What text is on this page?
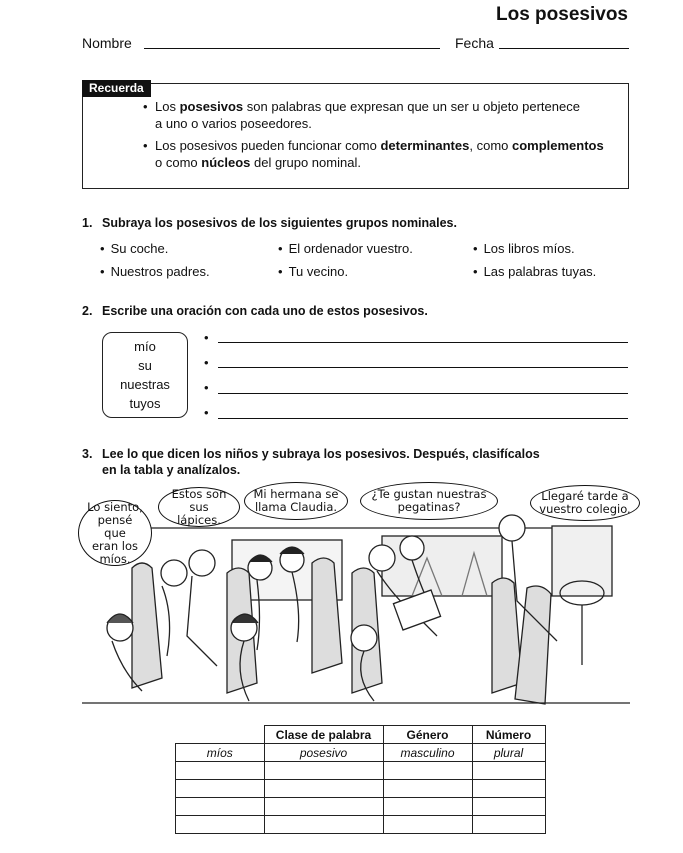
Los posesivos
Nombre	Fecha
Recuerda
• Los posesivos son palabras que expresan que un ser u objeto pertenece
a uno o varios poseedores.
• Los posesivos pueden funcionar como determinantes, como complementos
o como núcleos del grupo nominal.
1. Subraya los posesivos de los siguientes grupos nominales.
• Su coche.	• El ordenador vuestro.	• Los libros míos.
• Nuestros padres.	• Tu vecino.	• Las palabras tuyas.
2. Escribe una oración con cada uno de estos posesivos.
mío
su
nuestras
tuyos
•
•
•
•
3. Lee lo que dicen los niños y subraya los posesivos. Después, clasifícalos
en la tabla y analízalos.
Lo siento,
pensé que
eran los
míos.
Estos son
sus lápices.
Mi hermana se
llama Claudia.
¿Te gustan nuestras
pegatinas?
Llegaré tarde a
vuestro colegio.
	Clase de palabra	Género	Número
míos	posesivo	masculino	plural
